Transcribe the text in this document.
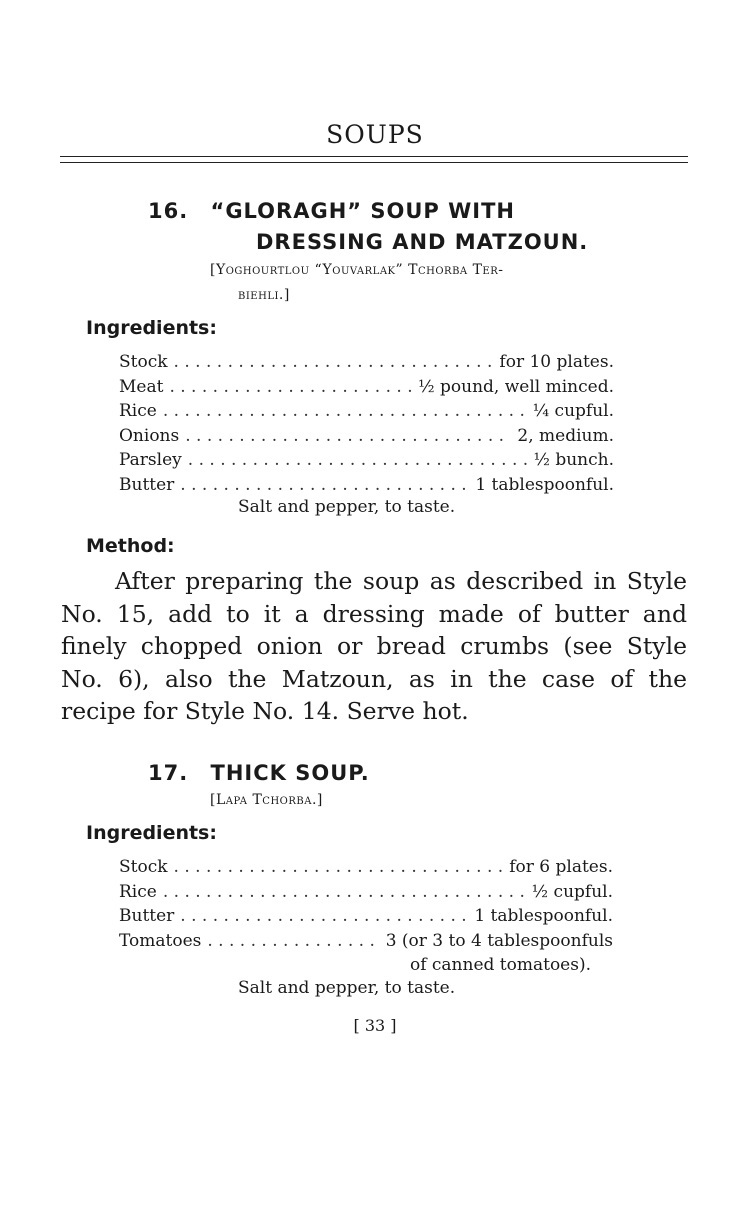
SOUPS
16. “GLORAGH” SOUP WITH
DRESSING AND MATZOUN.
[Yoghourtlou “Youvarlak” Tchorba Ter-
biehli.]
Ingredients:
Stock . . .	for 10 plates.
Meat . . .	½ pound, well minced.
Rice . . .	¼ cupful.
Onions . . .	2, medium.
Parsley . . .	½ bunch.
Butter . . .	1 tablespoonful.
Salt and pepper, to taste.
Method:

After preparing the soup as described in Style No. 15, add to it a dressing made of butter and finely chopped onion or bread crumbs (see Style No. 6), also the Matzoun, as in the case of the recipe for Style No. 14. Serve hot.

17. THICK SOUP.
[Lapa Tchorba.]
Ingredients:
Stock . . .	for 6 plates.
Rice . . .	½ cupful.
Butter . . .	1 tablespoonful.
Tomatoes . . .	3 (or 3 to 4 tablespoonfuls
of canned tomatoes).
Salt and pepper, to taste.
[ 33 ]
